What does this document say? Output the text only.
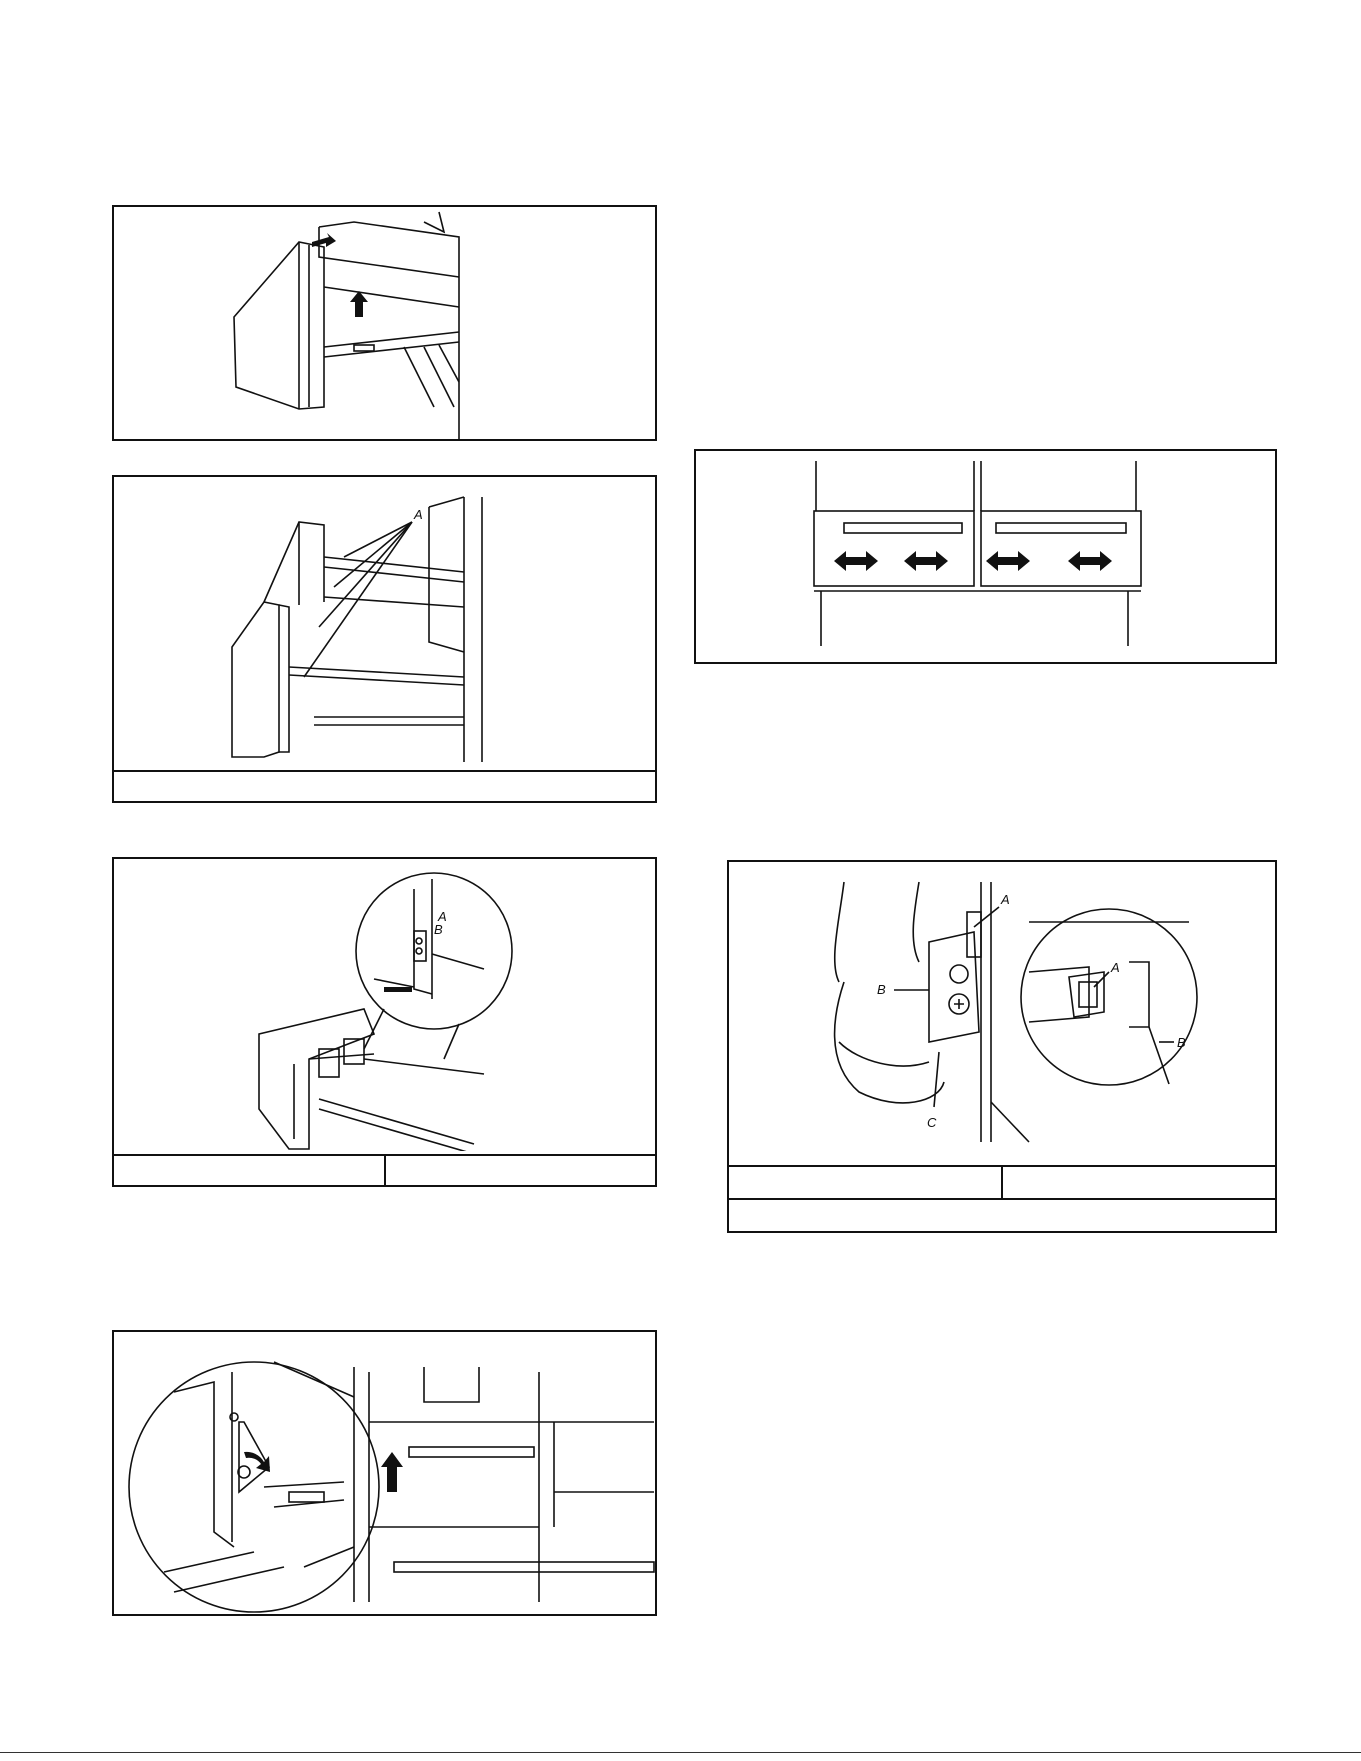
A
A
B
A
B
C
A
B
